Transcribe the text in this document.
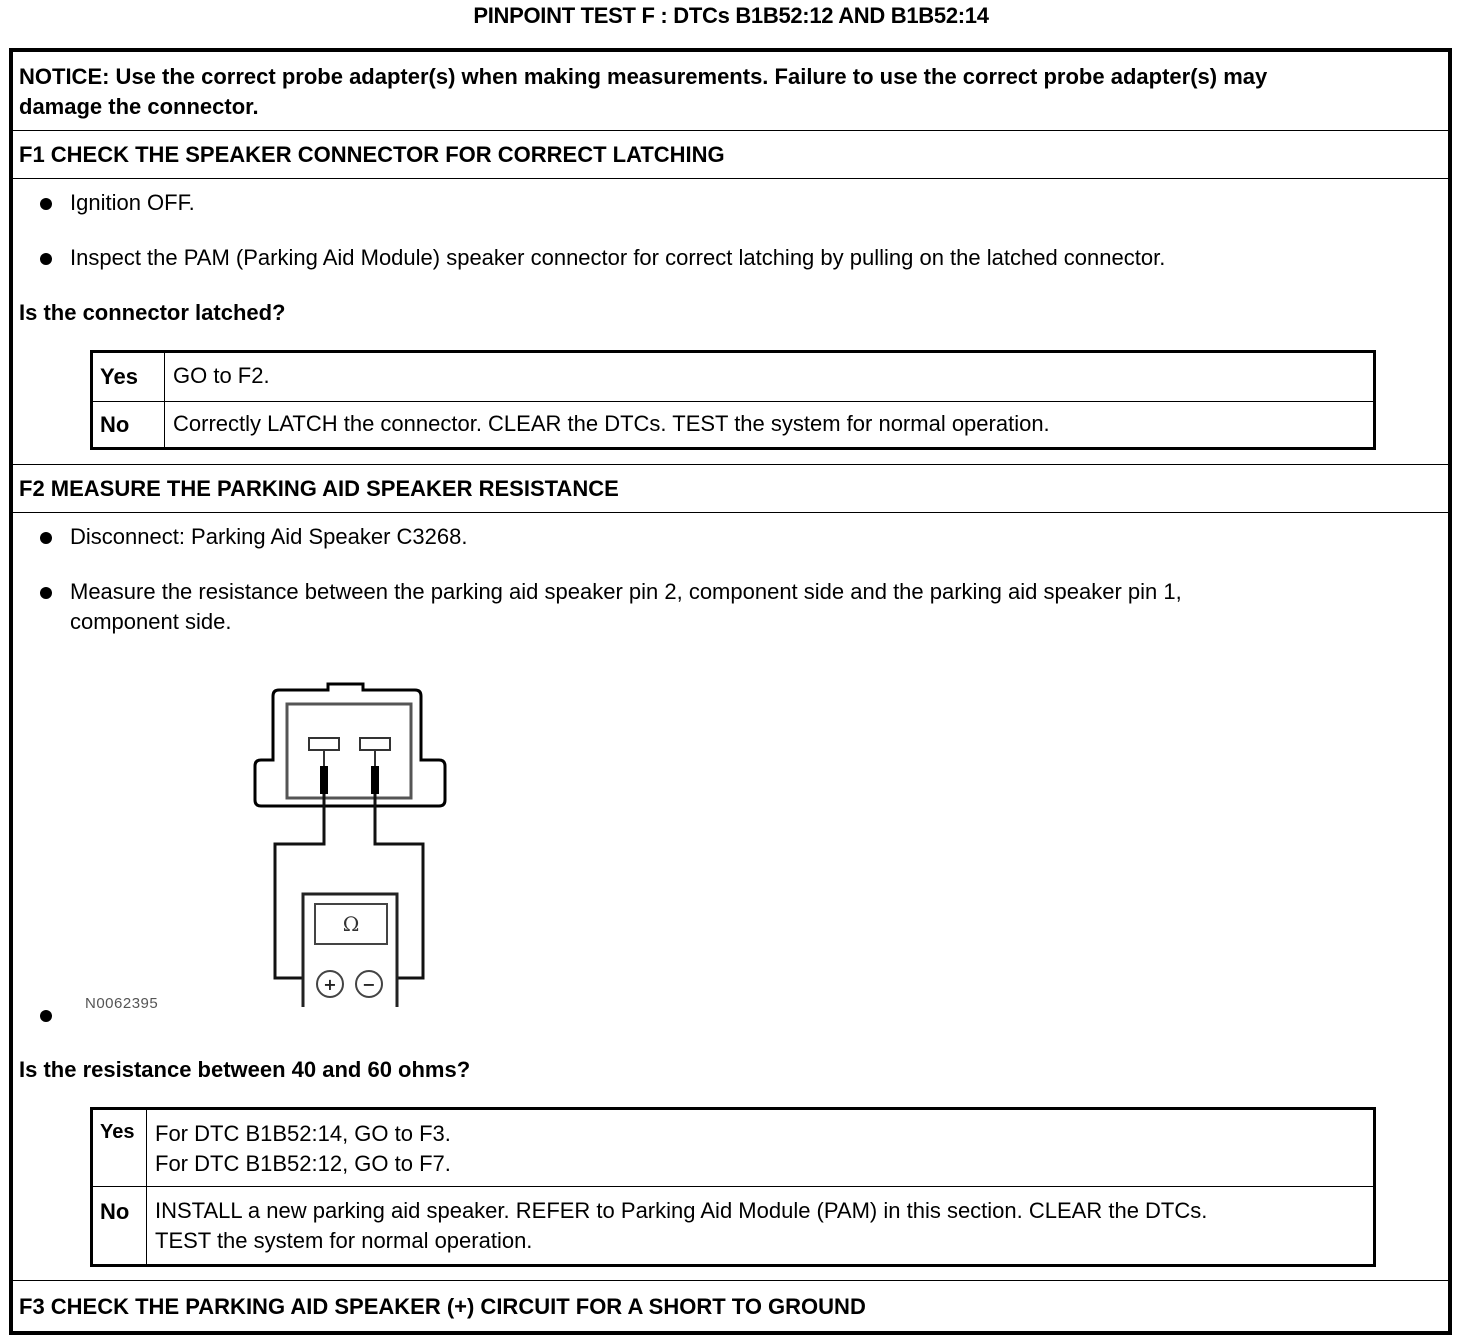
PINPOINT TEST F : DTCs B1B52:12 AND B1B52:14
NOTICE: Use the correct probe adapter(s) when making measurements. Failure to use the correct probe adapter(s) may
damage the connector.
F1 CHECK THE SPEAKER CONNECTOR FOR CORRECT LATCHING
Ignition OFF.
Inspect the PAM (Parking Aid Module) speaker connector for correct latching by pulling on the latched connector.
Is the connector latched?
Yes GO to F2.
No Correctly LATCH the connector. CLEAR the DTCs. TEST the system for normal operation.
F2 MEASURE THE PARKING AID SPEAKER RESISTANCE
Disconnect: Parking Aid Speaker C3268.
Measure the resistance between the parking aid speaker pin 2, component side and the parking aid speaker pin 1,
component side.
Ω
+ −
N0062395
Is the resistance between 40 and 60 ohms?
Yes For DTC B1B52:14, GO to F3.
For DTC B1B52:12, GO to F7.
No INSTALL a new parking aid speaker. REFER to Parking Aid Module (PAM) in this section. CLEAR the DTCs.
TEST the system for normal operation.
F3 CHECK THE PARKING AID SPEAKER (+) CIRCUIT FOR A SHORT TO GROUND
